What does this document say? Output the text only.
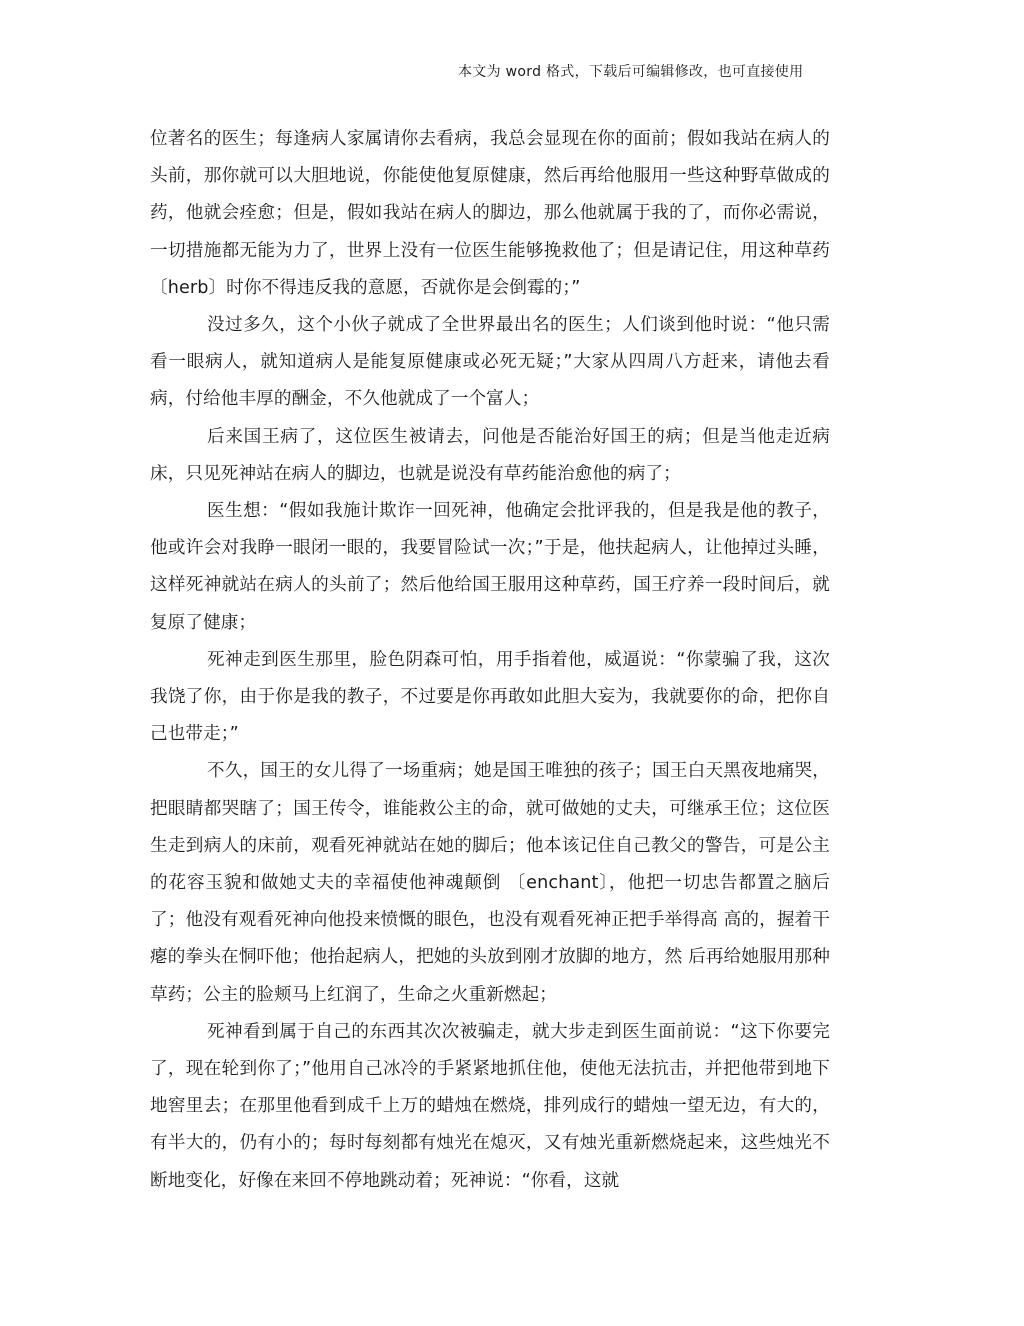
本文为 word 格式，下载后可编辑修改，也可直接使用

位著名的医生；每逢病人家属请你去看病，我总会显现在你的面前；假如我站在病人的头前，那你就可以大胆地说，你能使他复原健康，然后再给他服用一些这种野草做成的药，他就会痊愈；但是，假如我站在病人的脚边，那么他就属于我的了，而你必需说，一切措施都无能为力了，世界上没有一位医生能够挽救他了；但是请记住，用这种草药 〔herb〕时你不得违反我的意愿，否就你是会倒霉的；”

没过多久，这个小伙子就成了全世界最出名的医生；人们谈到他时说：“他只需看一眼病人，就知道病人是能复原健康或必死无疑；”大家从四周八方赶来，请他去看病，付给他丰厚的酬金，不久他就成了一个富人；

后来国王病了，这位医生被请去，问他是否能治好国王的病；但是当他走近病床，只见死神站在病人的脚边，也就是说没有草药能治愈他的病了；

医生想：“假如我施计欺诈一回死神，他确定会批评我的，但是我是他的教子，他或许会对我睁一眼闭一眼的，我要冒险试一次；”于是，他扶起病人，让他掉过头睡，这样死神就站在病人的头前了；然后他给国王服用这种草药，国王疗养一段时间后，就复原了健康；

死神走到医生那里，脸色阴森可怕，用手指着他，威逼说：“你蒙骗了我，这次我饶了你，由于你是我的教子，不过要是你再敢如此胆大妄为，我就要你的命，把你自己也带走；”

不久，国王的女儿得了一场重病；她是国王唯独的孩子；国王白天黑夜地痛哭，把眼睛都哭瞎了；国王传令，谁能救公主的命，就可做她的丈夫，可继承王位；这位医生走到病人的床前，观看死神就站在她的脚后；他本该记住自己教父的警告，可是公主的花容玉貌和做她丈夫的幸福使他神魂颠倒 〔enchant〕，他把一切忠告都置之脑后了；他没有观看死神向他投来愤慨的眼色，也没有观看死神正把手举得高 高的，握着干瘪的拳头在恫吓他；他抬起病人，把她的头放到刚才放脚的地方，然 后再给她服用那种草药；公主的脸颊马上红润了，生命之火重新燃起；

死神看到属于自己的东西其次次被骗走，就大步走到医生面前说：“这下你要完了，现在轮到你了；”他用自己冰冷的手紧紧地抓住他，使他无法抗击，并把他带到地下地窖里去；在那里他看到成千上万的蜡烛在燃烧，排列成行的蜡烛一望无边，有大的，有半大的，仍有小的；每时每刻都有烛光在熄灭，又有烛光重新燃烧起来，这些烛光不断地变化，好像在来回不停地跳动着；死神说：“你看，这就
